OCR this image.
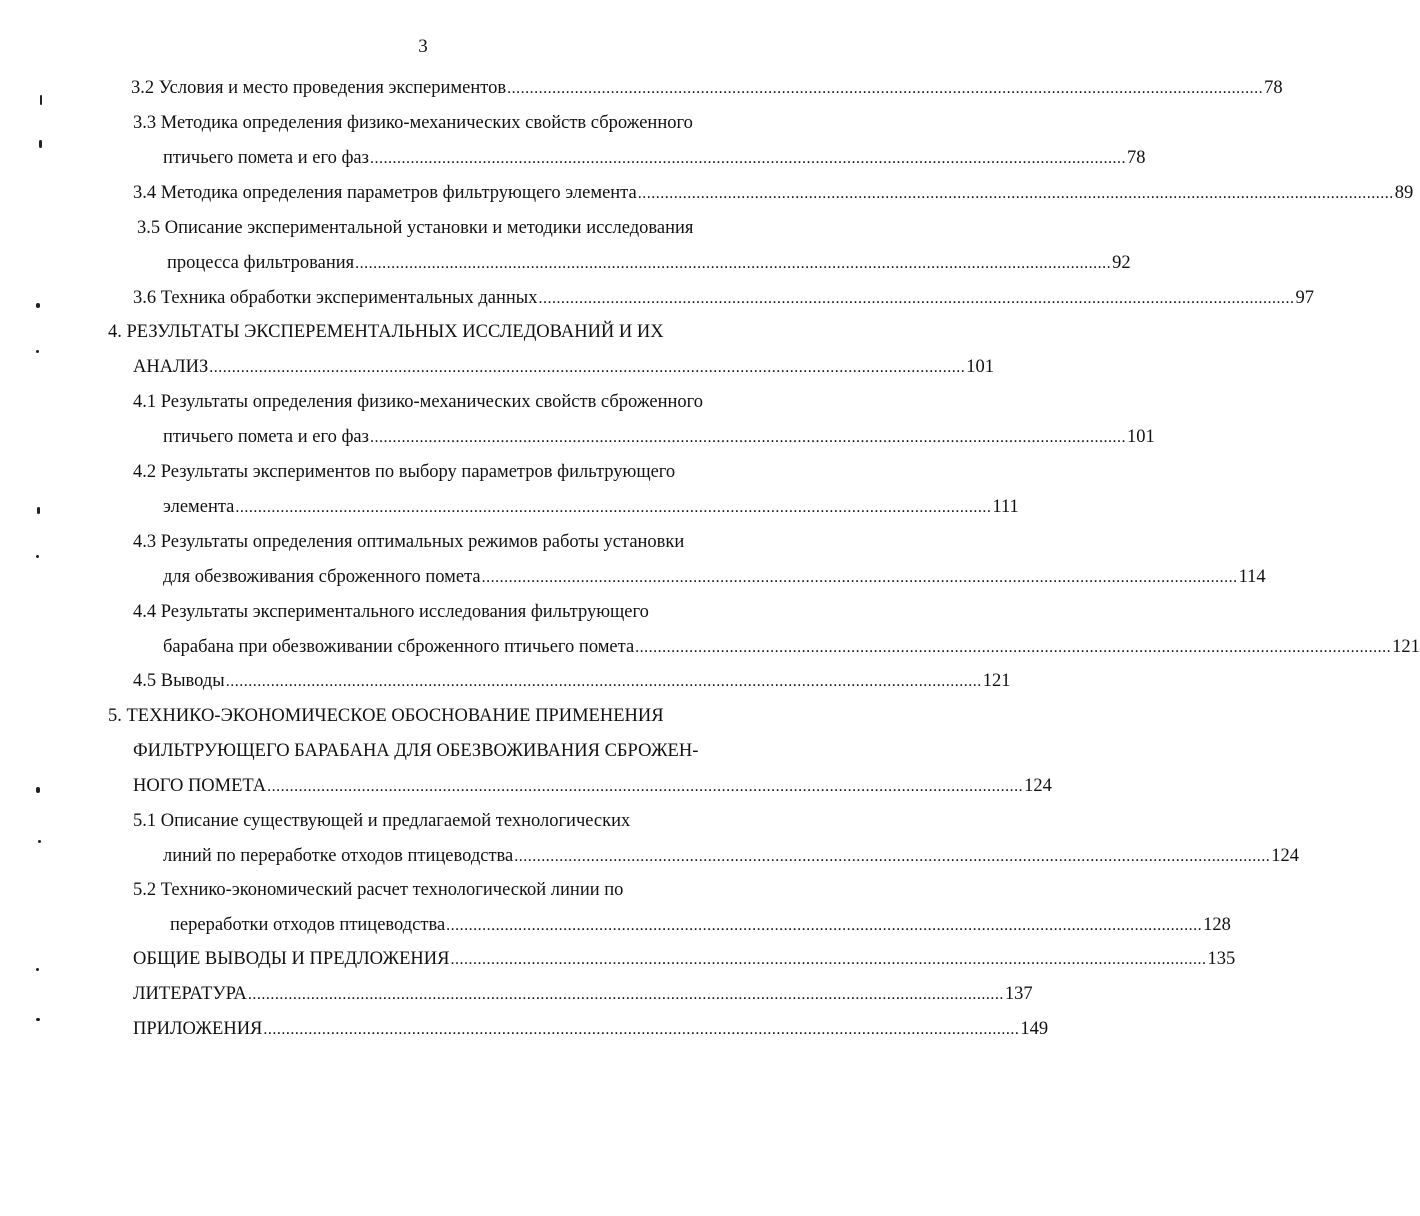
3
3.2 Условия и место проведения экспериментов ........................................................................................................................................................................ 78
3.3 Методика определения физико-механических свойств сброженного
птичьего помета и его фаз ........................................................................................................................................................................ 78
3.4 Методика определения параметров фильтрующего элемента ........................................................................................................................................................................ 89
3.5 Описание экспериментальной установки и методики исследования
процесса фильтрования ........................................................................................................................................................................ 92
3.6 Техника обработки экспериментальных данных ........................................................................................................................................................................ 97
4. РЕЗУЛЬТАТЫ ЭКСПЕРЕМЕНТАЛЬНЫХ ИССЛЕДОВАНИЙ И ИХ
АНАЛИЗ ........................................................................................................................................................................ 101
4.1 Результаты определения физико-механических свойств сброженного
птичьего помета и его фаз ........................................................................................................................................................................ 101
4.2 Результаты экспериментов по выбору параметров фильтрующего
элемента ........................................................................................................................................................................ 111
4.3 Результаты определения оптимальных режимов работы установки
для обезвоживания сброженного помета ........................................................................................................................................................................ 114
4.4 Результаты экспериментального исследования фильтрующего
барабана при обезвоживании сброженного птичьего помета ........................................................................................................................................................................ 121
4.5 Выводы ........................................................................................................................................................................ 121
5. ТЕХНИКО-ЭКОНОМИЧЕСКОЕ ОБОСНОВАНИЕ ПРИМЕНЕНИЯ
ФИЛЬТРУЮЩЕГО БАРАБАНА ДЛЯ ОБЕЗВОЖИВАНИЯ СБРОЖЕН-
НОГО ПОМЕТА ........................................................................................................................................................................ 124
5.1 Описание существующей и предлагаемой технологических
линий по переработке отходов птицеводства ........................................................................................................................................................................ 124
5.2 Технико-экономический расчет технологической линии по
переработки отходов птицеводства ........................................................................................................................................................................ 128
ОБЩИЕ ВЫВОДЫ И ПРЕДЛОЖЕНИЯ ........................................................................................................................................................................ 135
ЛИТЕРАТУРА ........................................................................................................................................................................ 137
ПРИЛОЖЕНИЯ ........................................................................................................................................................................ 149
